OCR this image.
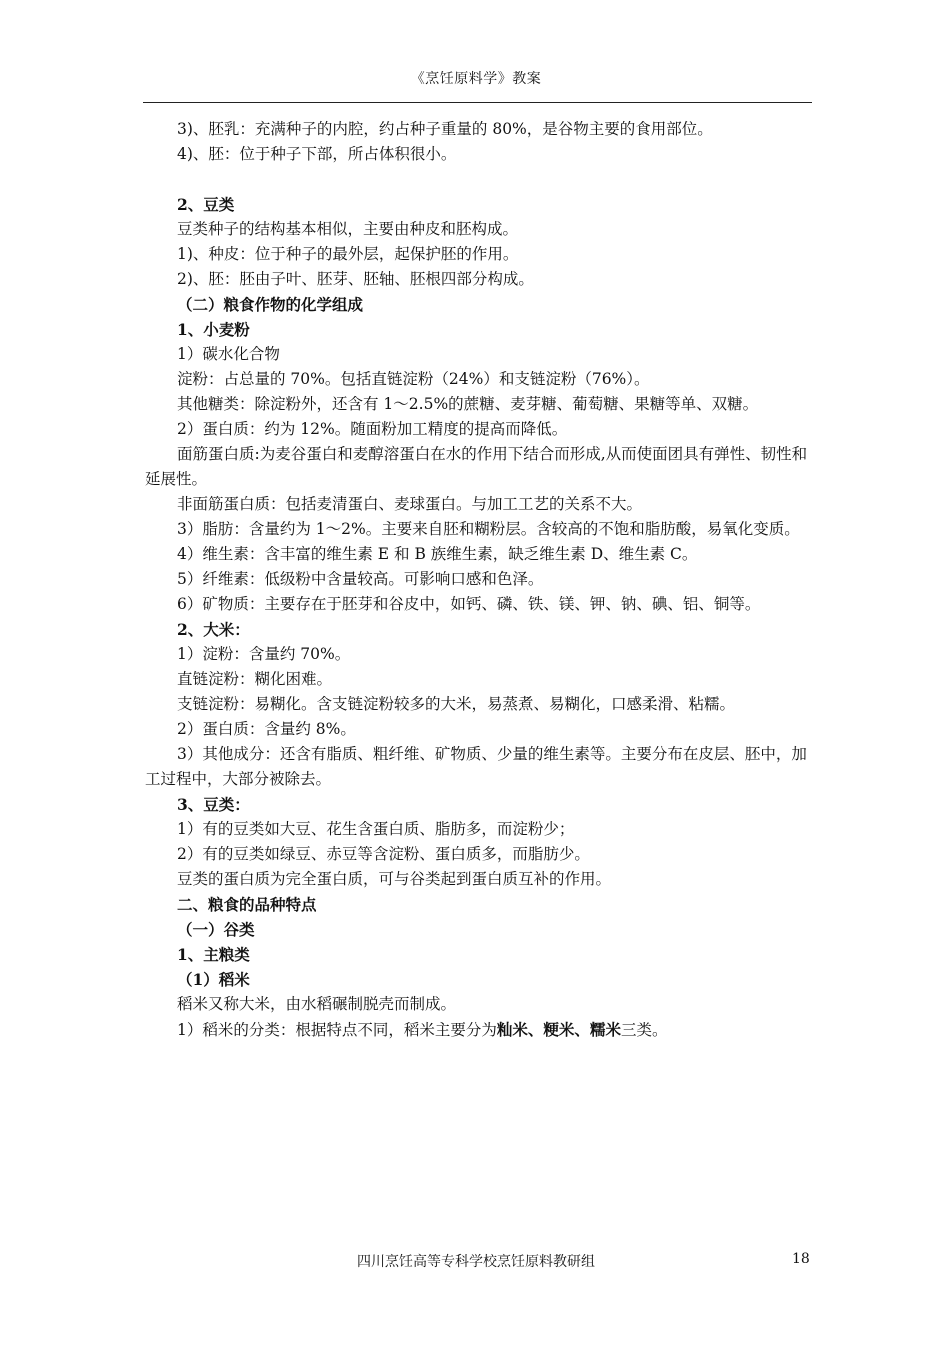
《烹饪原料学》教案
3)、胚乳：充满种子的内腔，约占种子重量的 80%，是谷物主要的食用部位。
4)、胚：位于种子下部，所占体积很小。
2、豆类
豆类种子的结构基本相似，主要由种皮和胚构成。
1)、种皮：位于种子的最外层，起保护胚的作用。
2)、胚：胚由子叶、胚芽、胚轴、胚根四部分构成。
（二）粮食作物的化学组成
1、小麦粉
1）碳水化合物
淀粉：占总量的 70%。包括直链淀粉（24%）和支链淀粉（76%）。
其他糖类：除淀粉外，还含有 1～2.5%的蔗糖、麦芽糖、葡萄糖、果糖等单、双糖。
2）蛋白质：约为 12%。随面粉加工精度的提高而降低。
面筋蛋白质:为麦谷蛋白和麦醇溶蛋白在水的作用下结合而形成,从而使面团具有弹性、韧性和延展性。
非面筋蛋白质：包括麦清蛋白、麦球蛋白。与加工工艺的关系不大。
3）脂肪：含量约为 1～2%。主要来自胚和糊粉层。含较高的不饱和脂肪酸，易氧化变质。
4）维生素：含丰富的维生素 E 和 B 族维生素，缺乏维生素 D、维生素 C。
5）纤维素：低级粉中含量较高。可影响口感和色泽。
6）矿物质：主要存在于胚芽和谷皮中，如钙、磷、铁、镁、钾、钠、碘、铝、铜等。
2、大米：
1）淀粉：含量约 70%。
直链淀粉：糊化困难。
支链淀粉：易糊化。含支链淀粉较多的大米，易蒸煮、易糊化，口感柔滑、粘糯。
2）蛋白质：含量约 8%。
3）其他成分：还含有脂质、粗纤维、矿物质、少量的维生素等。主要分布在皮层、胚中，加工过程中，大部分被除去。
3、豆类：
1）有的豆类如大豆、花生含蛋白质、脂肪多，而淀粉少；
2）有的豆类如绿豆、赤豆等含淀粉、蛋白质多，而脂肪少。
豆类的蛋白质为完全蛋白质，可与谷类起到蛋白质互补的作用。
二、粮食的品种特点
（一）谷类
1、主粮类
（1）稻米
稻米又称大米，由水稻碾制脱壳而制成。
1）稻米的分类：根据特点不同，稻米主要分为籼米、粳米、糯米三类。
四川烹饪高等专科学校烹饪原料教研组	18
